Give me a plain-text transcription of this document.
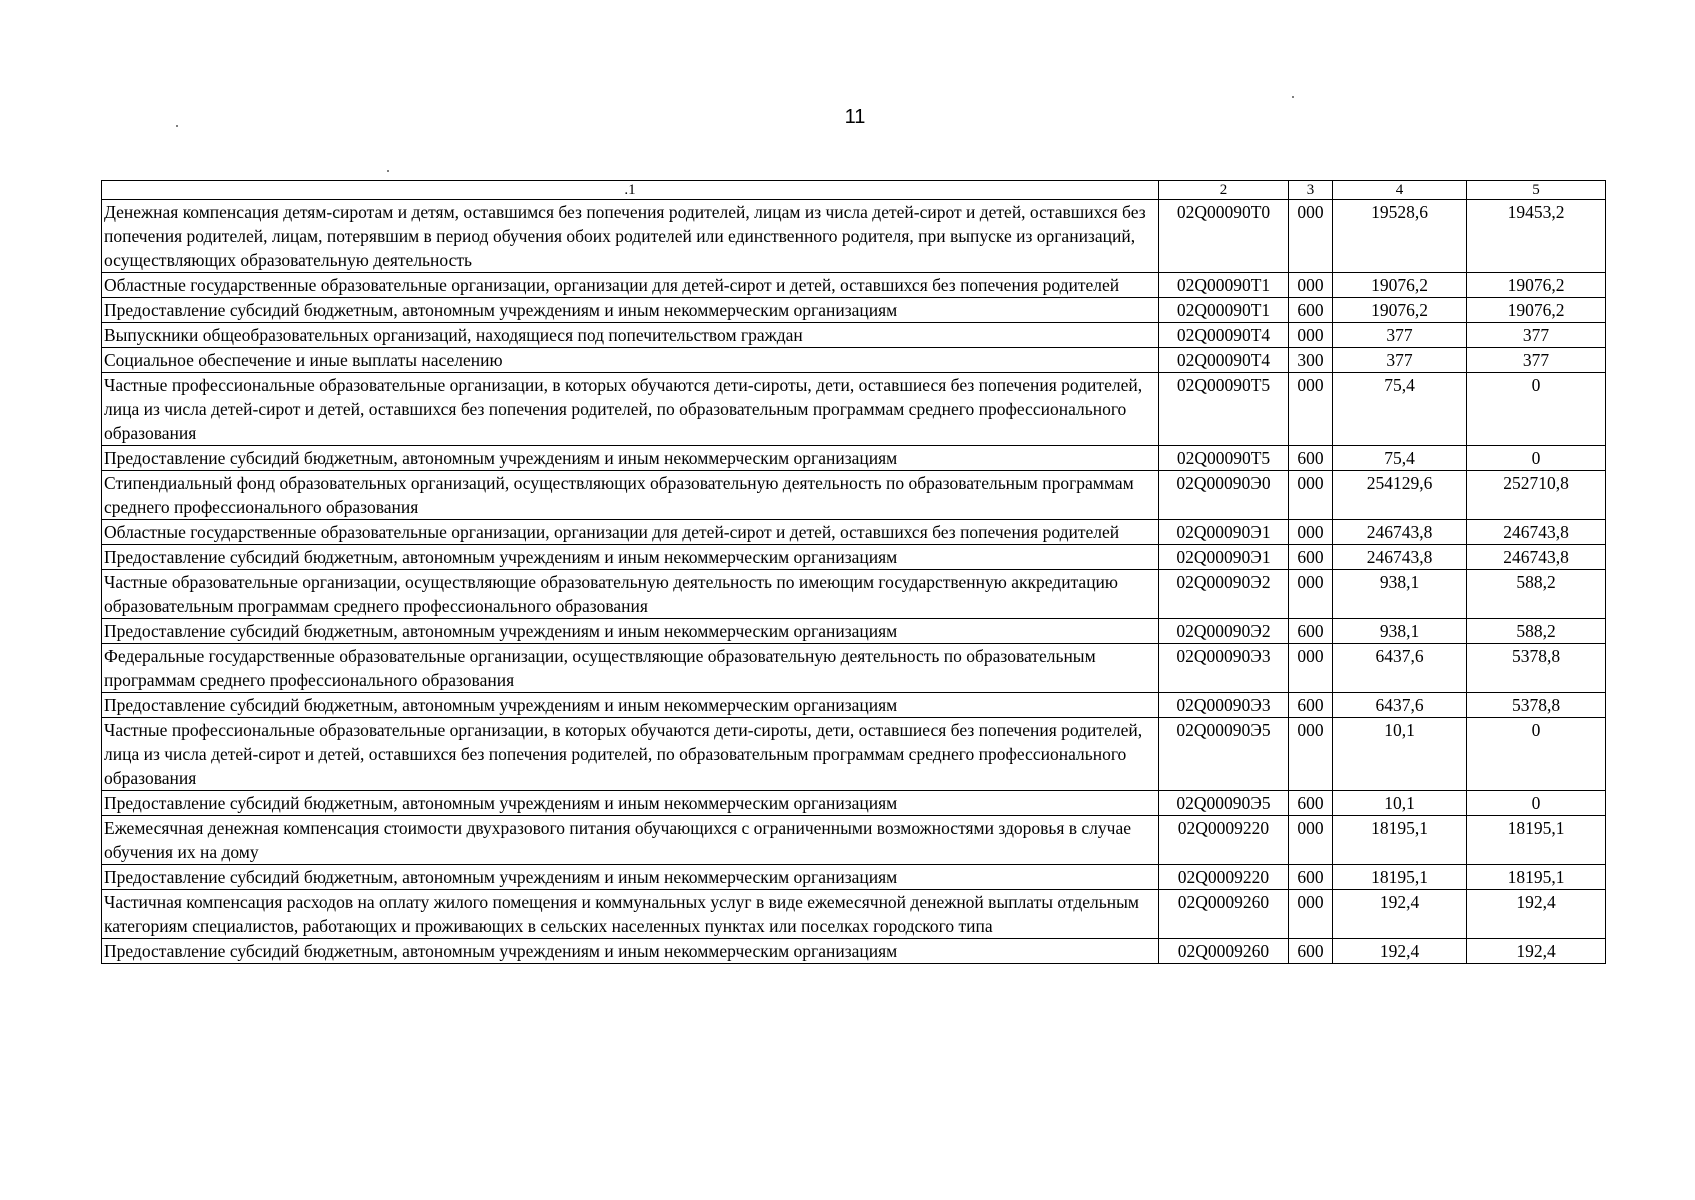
11
.1	2	3	4	5
Денежная компенсация детям-сиротам и детям, оставшимся без попечения родителей, лицам из числа детей-сирот и детей, оставшихся без попечения родителей, лицам, потерявшим в период обучения обоих родителей или единственного родителя, при выпуске из организаций, осуществляющих образовательную деятельность	02Q00090Т0	000	19528,6	19453,2
Областные государственные образовательные организации, организации для детей-сирот и детей, оставшихся без попечения родителей	02Q00090Т1	000	19076,2	19076,2
Предоставление субсидий бюджетным, автономным учреждениям и иным некоммерческим организациям	02Q00090Т1	600	19076,2	19076,2
Выпускники общеобразовательных организаций, находящиеся под попечительством граждан	02Q00090Т4	000	377	377
Социальное обеспечение и иные выплаты населению	02Q00090Т4	300	377	377
Частные профессиональные образовательные организации, в которых обучаются дети-сироты, дети, оставшиеся без попечения родителей, лица из числа детей-сирот и детей, оставшихся без попечения родителей, по образовательным программам среднего профессионального образования	02Q00090Т5	000	75,4	0
Предоставление субсидий бюджетным, автономным учреждениям и иным некоммерческим организациям	02Q00090Т5	600	75,4	0
Стипендиальный фонд образовательных организаций, осуществляющих образовательную деятельность по образовательным программам среднего профессионального образования	02Q00090Э0	000	254129,6	252710,8
Областные государственные образовательные организации, организации для детей-сирот и детей, оставшихся без попечения родителей	02Q00090Э1	000	246743,8	246743,8
Предоставление субсидий бюджетным, автономным учреждениям и иным некоммерческим организациям	02Q00090Э1	600	246743,8	246743,8
Частные образовательные организации, осуществляющие образовательную деятельность по имеющим государственную аккредитацию образовательным программам среднего профессионального образования	02Q00090Э2	000	938,1	588,2
Предоставление субсидий бюджетным, автономным учреждениям и иным некоммерческим организациям	02Q00090Э2	600	938,1	588,2
Федеральные государственные образовательные организации, осуществляющие образовательную деятельность по образовательным программам среднего профессионального образования	02Q00090Э3	000	6437,6	5378,8
Предоставление субсидий бюджетным, автономным учреждениям и иным некоммерческим организациям	02Q00090Э3	600	6437,6	5378,8
Частные профессиональные образовательные организации, в которых обучаются дети-сироты, дети, оставшиеся без попечения родителей, лица из числа детей-сирот и детей, оставшихся без попечения родителей, по образовательным программам среднего профессионального образования	02Q00090Э5	000	10,1	0
Предоставление субсидий бюджетным, автономным учреждениям и иным некоммерческим организациям	02Q00090Э5	600	10,1	0
Ежемесячная денежная компенсация стоимости двухразового питания обучающихся с ограниченными возможностями здоровья в случае обучения их на дому	02Q0009220	000	18195,1	18195,1
Предоставление субсидий бюджетным, автономным учреждениям и иным некоммерческим организациям	02Q0009220	600	18195,1	18195,1
Частичная компенсация расходов на оплату жилого помещения и коммунальных услуг в виде ежемесячной денежной выплаты отдельным категориям специалистов, работающих и проживающих в сельских населенных пунктах или поселках городского типа	02Q0009260	000	192,4	192,4
Предоставление субсидий бюджетным, автономным учреждениям и иным некоммерческим организациям	02Q0009260	600	192,4	192,4
